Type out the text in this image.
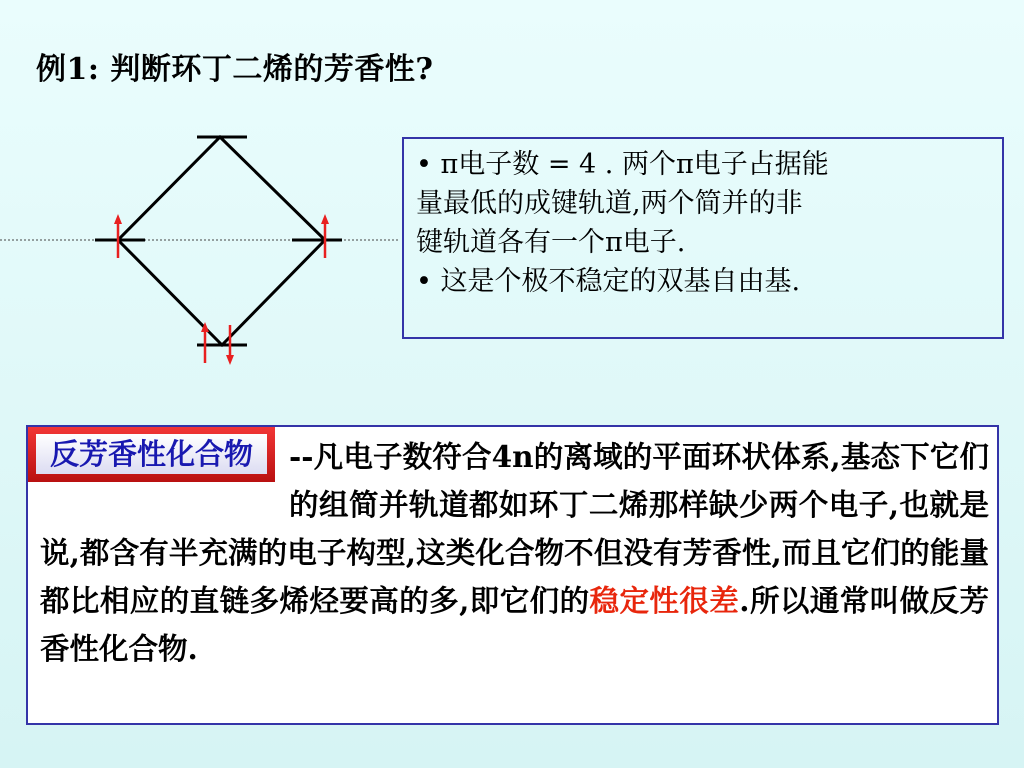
例1: 判断环丁二烯的芳香性?

• π电子数 = 4 . 两个π电子占据能

量最低的成键轨道,两个简并的非

键轨道各有一个π电子.

• 这是个极不稳定的双基自由基.

反芳香性化合物	--凡电子数符合4n的离域的平面环状体系,基态下它们的组简并轨道都如环丁二烯那样缺少两个电子,也就是说,都含有半充满的电子构型,这类化合物不但没有芳香性,而且它们的能量都比相应的直链多烯烃要高的多,即它们的稳定性很差.所以通常叫做反芳香性化合物.
